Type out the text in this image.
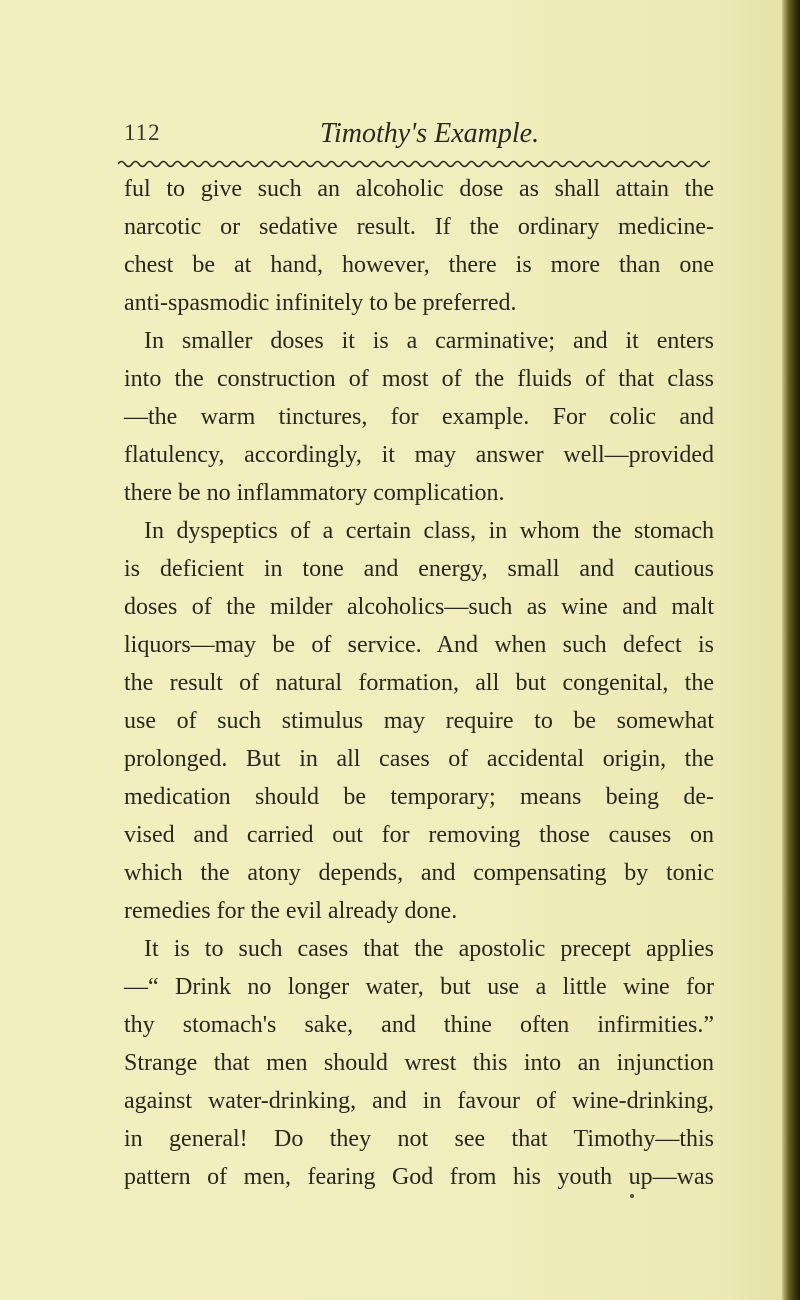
112	Timothy's Example.
ful to give such an alcoholic dose as shall attain the
narcotic or sedative result. If the ordinary medicine-
chest be at hand, however, there is more than one
anti-spasmodic infinitely to be preferred.
In smaller doses it is a carminative; and it enters
into the construction of most of the fluids of that class
—the warm tinctures, for example. For colic and
flatulency, accordingly, it may answer well—provided
there be no inflammatory complication.
In dyspeptics of a certain class, in whom the stomach
is deficient in tone and energy, small and cautious
doses of the milder alcoholics—such as wine and malt
liquors—may be of service. And when such defect is
the result of natural formation, all but congenital, the
use of such stimulus may require to be somewhat
prolonged. But in all cases of accidental origin, the
medication should be temporary; means being de-
vised and carried out for removing those causes on
which the atony depends, and compensating by tonic
remedies for the evil already done.
It is to such cases that the apostolic precept applies
—“ Drink no longer water, but use a little wine for
thy stomach's sake, and thine often infirmities.”
Strange that men should wrest this into an injunction
against water-drinking, and in favour of wine-drinking,
in general! Do they not see that Timothy—this
pattern of men, fearing God from his youth up—was
